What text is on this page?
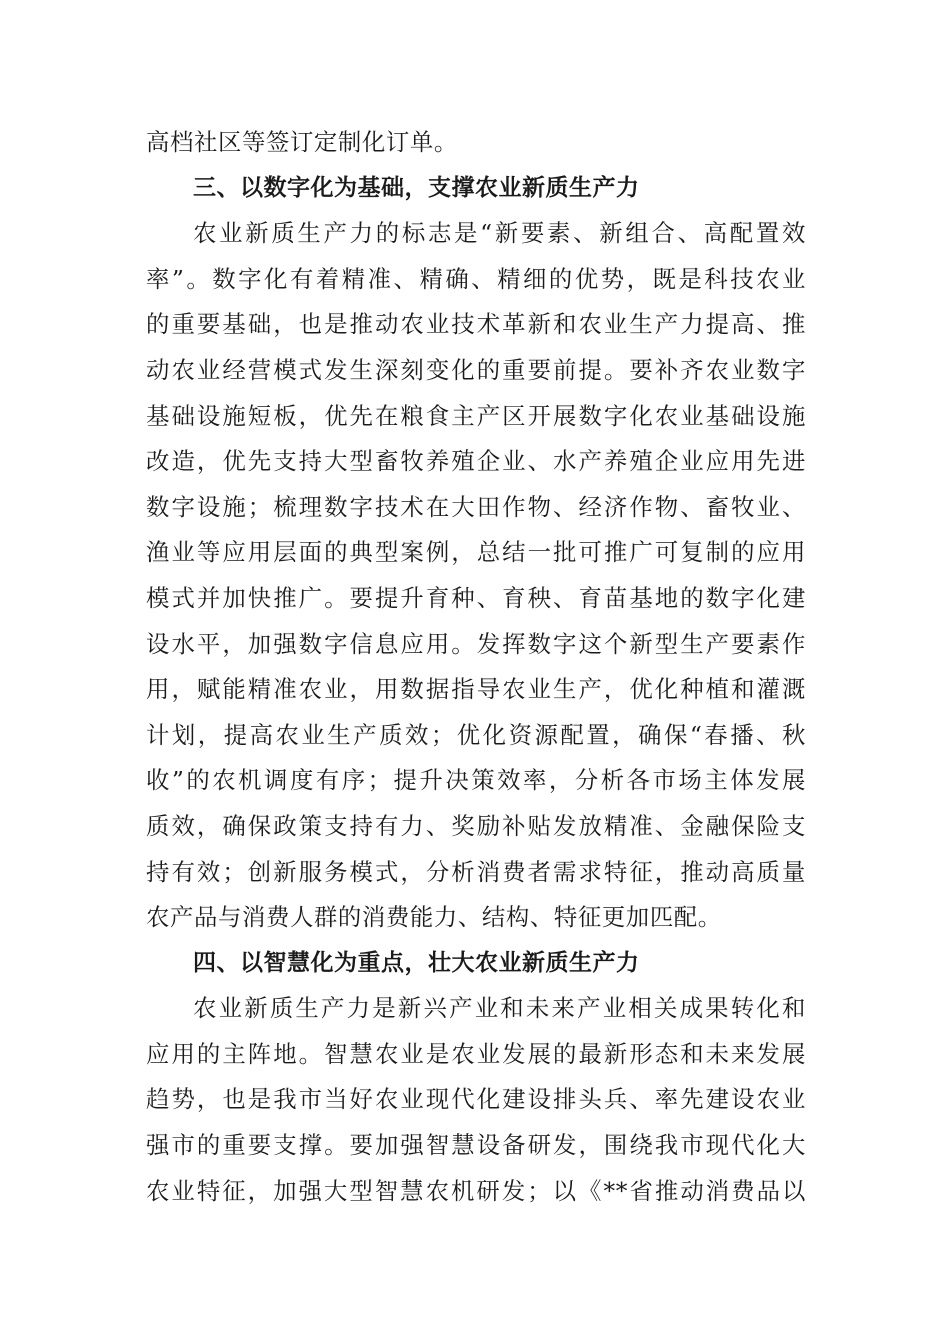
高档社区等签订定制化订单。
三、以数字化为基础，支撑农业新质生产力
农业新质生产力的标志是“新要素、新组合、高配置效
率”。数字化有着精准、精确、精细的优势，既是科技农业
的重要基础，也是推动农业技术革新和农业生产力提高、推
动农业经营模式发生深刻变化的重要前提。要补齐农业数字
基础设施短板，优先在粮食主产区开展数字化农业基础设施
改造，优先支持大型畜牧养殖企业、水产养殖企业应用先进
数字设施；梳理数字技术在大田作物、经济作物、畜牧业、
渔业等应用层面的典型案例，总结一批可推广可复制的应用
模式并加快推广。要提升育种、育秧、育苗基地的数字化建
设水平，加强数字信息应用。发挥数字这个新型生产要素作
用，赋能精准农业，用数据指导农业生产，优化种植和灌溉
计划，提高农业生产质效；优化资源配置，确保“春播、秋
收”的农机调度有序；提升决策效率，分析各市场主体发展
质效，确保政策支持有力、奖励补贴发放精准、金融保险支
持有效；创新服务模式，分析消费者需求特征，推动高质量
农产品与消费人群的消费能力、结构、特征更加匹配。
四、以智慧化为重点，壮大农业新质生产力
农业新质生产力是新兴产业和未来产业相关成果转化和
应用的主阵地。智慧农业是农业发展的最新形态和未来发展
趋势，也是我市当好农业现代化建设排头兵、率先建设农业
强市的重要支撑。要加强智慧设备研发，围绕我市现代化大
农业特征，加强大型智慧农机研发；以《**省推动消费品以
